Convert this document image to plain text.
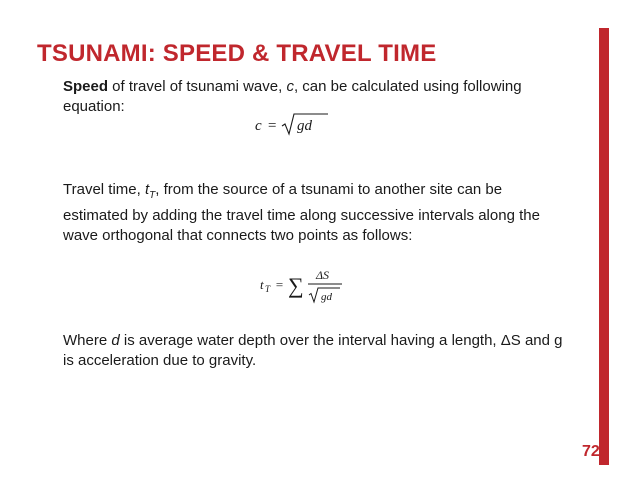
TSUNAMI: SPEED & TRAVEL TIME
Speed of travel of tsunami wave, c, can be calculated using following equation:
c = gd
Travel time, $t_T$, from the source of a tsunami to another site can be estimated by adding the travel time along successive intervals along the wave orthogonal that connects two points as follows:
t T = ∑ ΔS
gd
Where d is average water depth over the interval having a length, ΔS and g is acceleration due to gravity.
72
